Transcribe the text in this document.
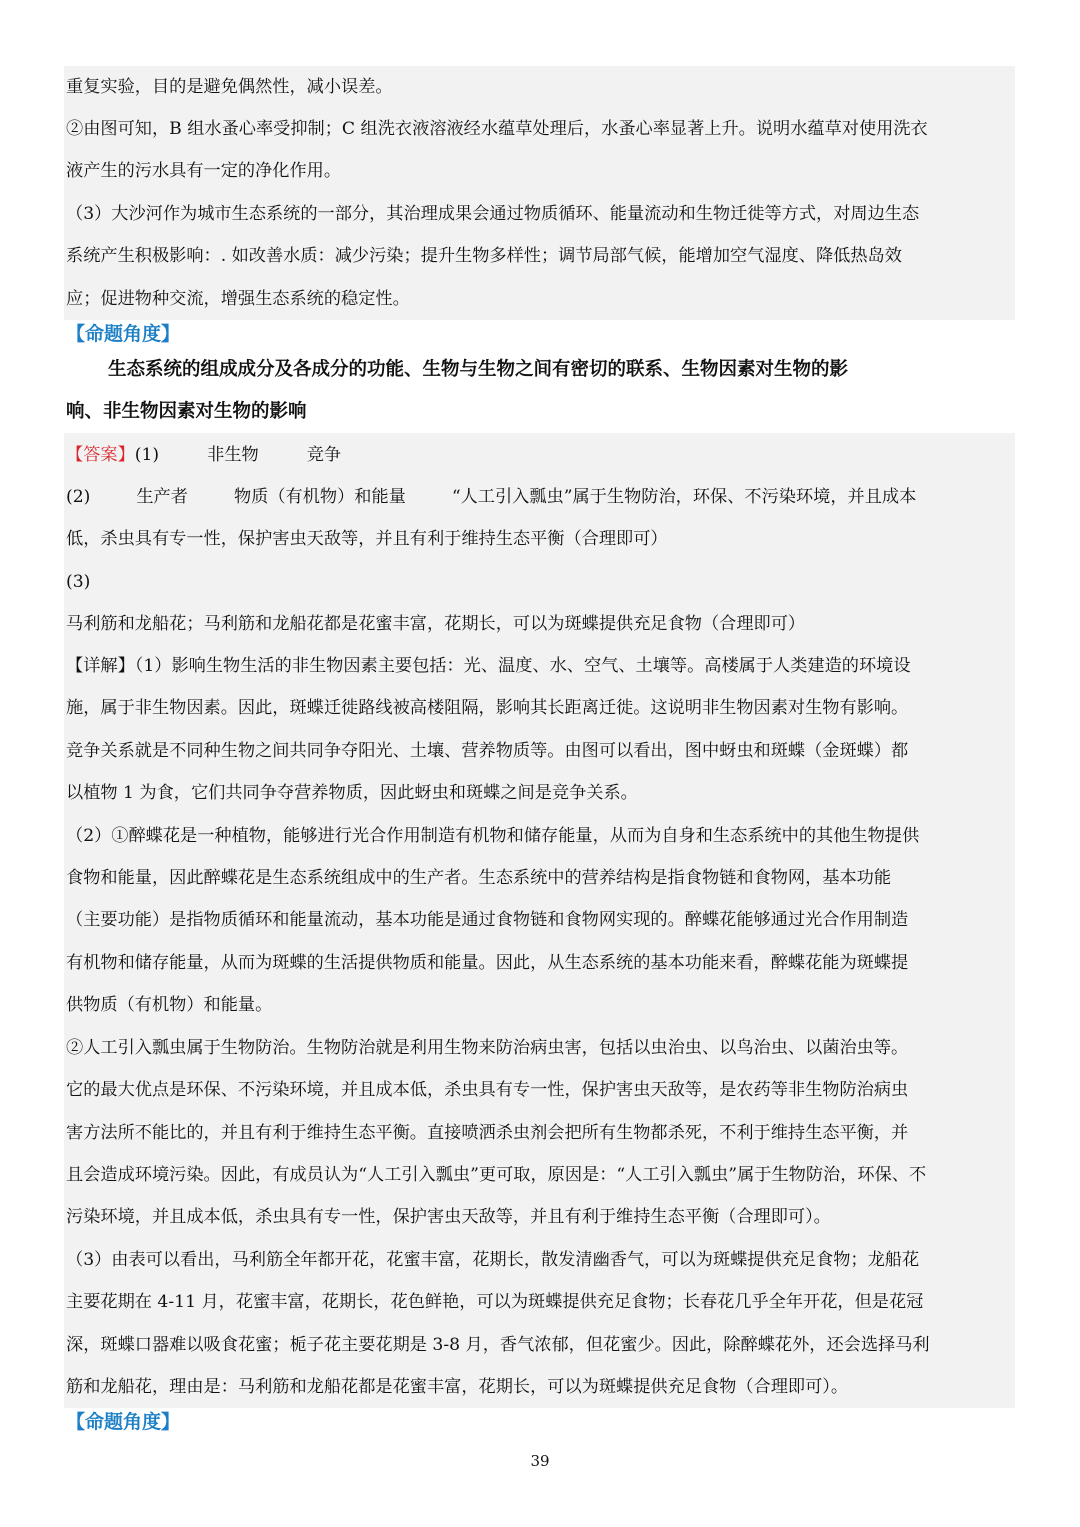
重复实验，目的是避免偶然性，减小误差。
②由图可知，B 组水蚤心率受抑制；C 组洗衣液溶液经水蕴草处理后，水蚤心率显著上升。说明水蕴草对使用洗衣
液产生的污水具有一定的净化作用。
（3）大沙河作为城市生态系统的一部分，其治理成果会通过物质循环、能量流动和生物迁徙等方式，对周边生态
系统产生积极影响：. 如改善水质：减少污染；提升生物多样性；调节局部气候，能增加空气湿度、降低热岛效
应；促进物种交流，增强生态系统的稳定性。
【命题角度】
生态系统的组成成分及各成分的功能、生物与生物之间有密切的联系、生物因素对生物的影
响、非生物因素对生物的影响
【答案】(1)	非生物	竞争
(2)	生产者	物质（有机物）和能量	“人工引入瓢虫”属于生物防治，环保、不污染环境，并且成本
低，杀虫具有专一性，保护害虫天敌等，并且有利于维持生态平衡（合理即可）
(3)
马利筋和龙船花；马利筋和龙船花都是花蜜丰富，花期长，可以为斑蝶提供充足食物（合理即可）
【详解】（1）影响生物生活的非生物因素主要包括：光、温度、水、空气、土壤等。高楼属于人类建造的环境设
施，属于非生物因素。因此，斑蝶迁徙路线被高楼阻隔，影响其长距离迁徙。这说明非生物因素对生物有影响。
竞争关系就是不同种生物之间共同争夺阳光、土壤、营养物质等。由图可以看出，图中蚜虫和斑蝶（金斑蝶）都
以植物 1 为食，它们共同争夺营养物质，因此蚜虫和斑蝶之间是竞争关系。
（2）①醉蝶花是一种植物，能够进行光合作用制造有机物和储存能量，从而为自身和生态系统中的其他生物提供
食物和能量，因此醉蝶花是生态系统组成中的生产者。生态系统中的营养结构是指食物链和食物网，基本功能
（主要功能）是指物质循环和能量流动，基本功能是通过食物链和食物网实现的。醉蝶花能够通过光合作用制造
有机物和储存能量，从而为斑蝶的生活提供物质和能量。因此，从生态系统的基本功能来看，醉蝶花能为斑蝶提
供物质（有机物）和能量。
②人工引入瓢虫属于生物防治。生物防治就是利用生物来防治病虫害，包括以虫治虫、以鸟治虫、以菌治虫等。
它的最大优点是环保、不污染环境，并且成本低，杀虫具有专一性，保护害虫天敌等，是农药等非生物防治病虫
害方法所不能比的，并且有利于维持生态平衡。直接喷洒杀虫剂会把所有生物都杀死，不利于维持生态平衡，并
且会造成环境污染。因此，有成员认为“人工引入瓢虫”更可取，原因是：“人工引入瓢虫”属于生物防治，环保、不
污染环境，并且成本低，杀虫具有专一性，保护害虫天敌等，并且有利于维持生态平衡（合理即可）。
（3）由表可以看出，马利筋全年都开花，花蜜丰富，花期长，散发清幽香气，可以为斑蝶提供充足食物；龙船花
主要花期在 4-11 月，花蜜丰富，花期长，花色鲜艳，可以为斑蝶提供充足食物；长春花几乎全年开花，但是花冠
深，斑蝶口器难以吸食花蜜；栀子花主要花期是 3-8 月，香气浓郁，但花蜜少。因此，除醉蝶花外，还会选择马利
筋和龙船花，理由是：马利筋和龙船花都是花蜜丰富，花期长，可以为斑蝶提供充足食物（合理即可）。
【命题角度】
39
